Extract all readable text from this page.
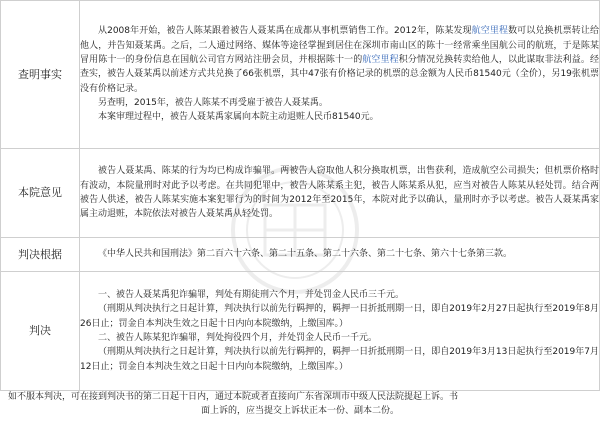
查明事实	从2008年开始，被告人陈某跟着被告人聂某禹在成都从事机票销售工作。2012年，陈某发现航空里程数可以兑换机票转让给他人，并告知聂某禹。之后，二人通过网络、媒体等途径掌握到居住在深圳市南山区的陈十一经常乘坐国航公司的航班，于是陈某冒用陈十一的身份信息在国航公司官方网站注册会员，并根据陈十一的航空里程积分情况兑换转卖给他人，以此谋取非法利益。经查实，被告人聂某禹以前述方式共兑换了66张机票，其中47张有价格记录的机票的总金额为人民币81540元（全价），另19张机票没有价格记录。

另查明，2015年，被告人陈某不再受雇于被告人聂某禹。

本案审理过程中，被告人聂某禹家属向本院主动退赃人民币81540元。

本院意见	被告人聂某禹、陈某的行为均已构成诈骗罪。两被告人窃取他人积分换取机票，出售获利，造成航空公司损失；但机票价格时有波动，本院量刑时对此予以考虑。在共同犯罪中，被告人陈某系主犯，被告人陈某系从犯，应当对被告人陈某从轻处罚。结合两被告人供述，被告人陈某实施本案犯罪行为的时间为2012年至2015年，本院对此予以确认，量刑时亦予以考虑。被告人聂某禹家属主动退赃，本院依法对被告人聂某禹从轻处罚。

判决根据	《中华人民共和国刑法》第二百六十六条、第二十五条、第二十六条、第二十七条、第六十七条第三款。

判决	一、被告人聂某禹犯诈骗罪，判处有期徒刑六个月，并处罚金人民币三千元。

（刑期从判决执行之日起计算，判决执行以前先行羁押的，羁押一日折抵刑期一日，即自2019年2月27日起执行至2019年8月26日止；罚金自本判决生效之日起十日内向本院缴纳，上缴国库。）

二、被告人陈某犯诈骗罪，判处拘役四个月，并处罚金人民币一千元。

（刑期从判决执行之日起计算，判决执行以前先行羁押的，羁押一日折抵刑期一日，即自2019年3月13日起执行至2019年7月12日止；罚金自本判决生效之日起十日内向本院缴纳，上缴国库。）

如不服本判决，可在接到判决书的第二日起十日内，通过本院或者直接向广东省深圳市中级人民法院提起上诉。书

面上诉的，应当提交上诉状正本一份、副本二份。
